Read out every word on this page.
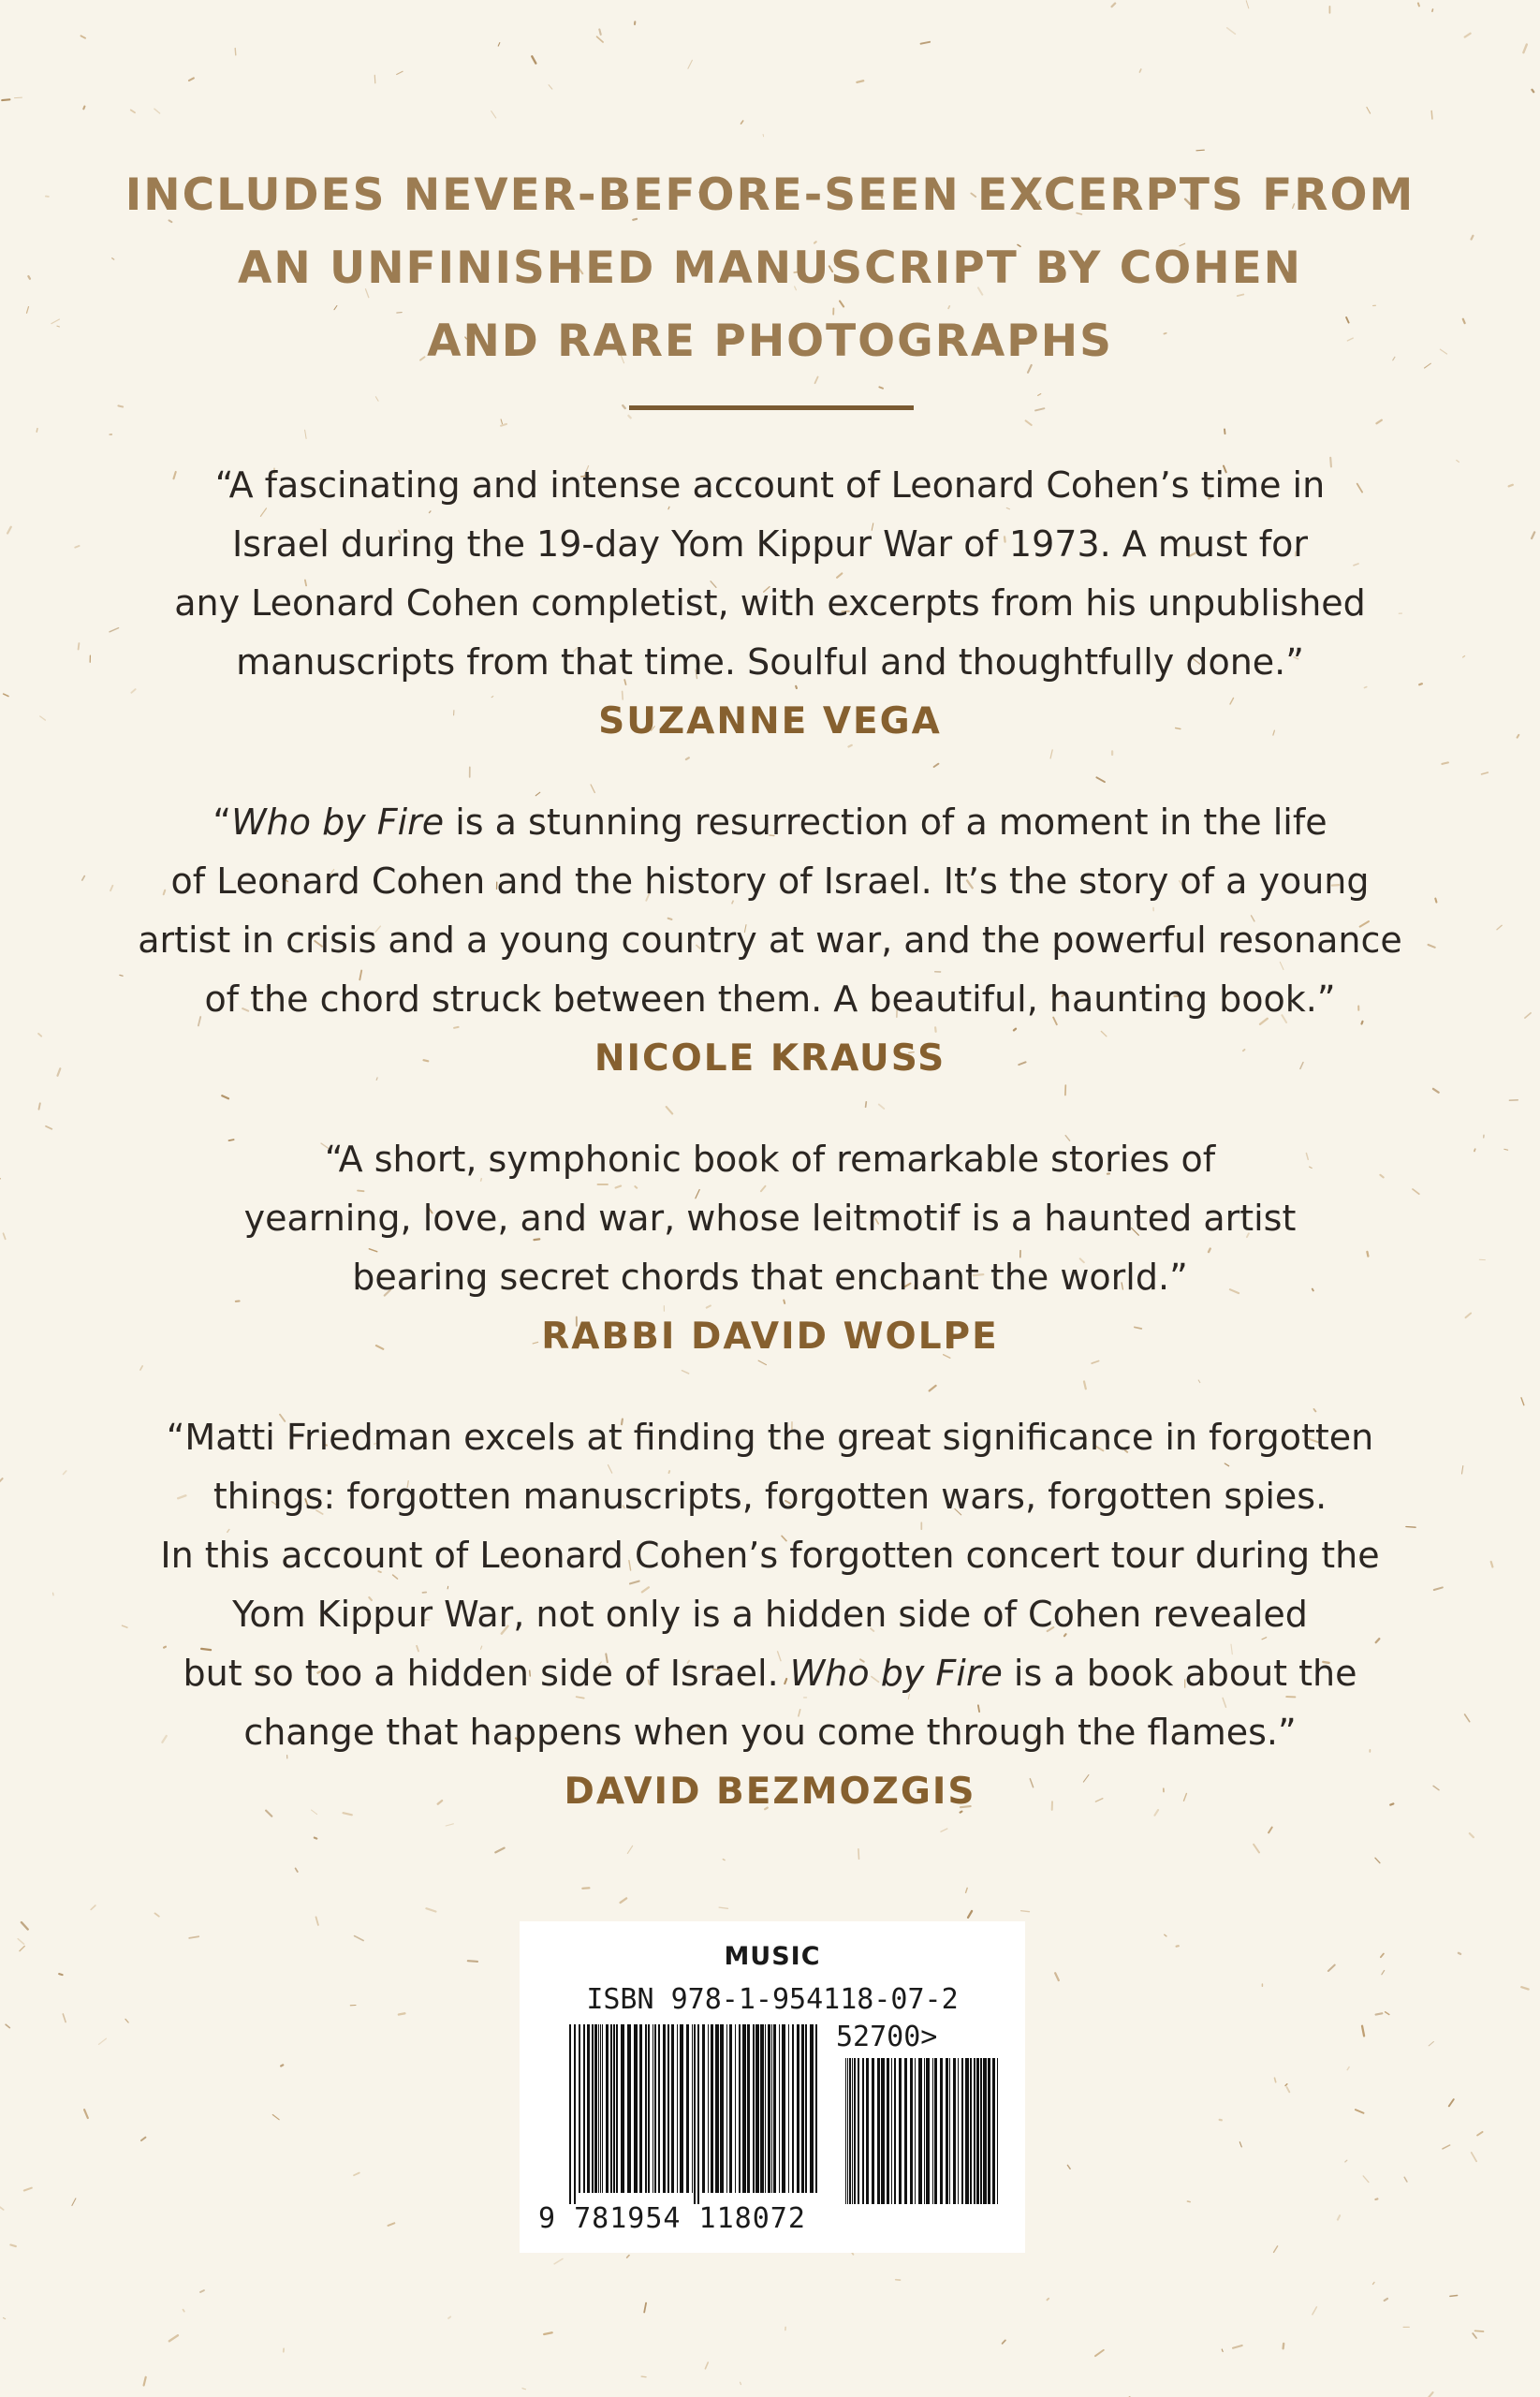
INCLUDES NEVER-BEFORE-SEEN EXCERPTS FROM
AN UNFINISHED MANUSCRIPT BY COHEN
AND RARE PHOTOGRAPHS
“A fascinating and intense account of Leonard Cohen’s time in
Israel during the 19-day Yom Kippur War of 1973. A must for
any Leonard Cohen completist, with excerpts from his unpublished
manuscripts from that time. Soulful and thoughtfully done.”
SUZANNE VEGA
“Who by Fire is a stunning resurrection of a moment in the life
of Leonard Cohen and the history of Israel. It’s the story of a young
artist in crisis and a young country at war, and the powerful resonance
of the chord struck between them. A beautiful, haunting book.”
NICOLE KRAUSS
“A short, symphonic book of remarkable stories of
yearning, love, and war, whose leitmotif is a haunted artist
bearing secret chords that enchant the world.”
RABBI DAVID WOLPE
“Matti Friedman excels at finding the great significance in forgotten
things: forgotten manuscripts, forgotten wars, forgotten spies.
In this account of Leonard Cohen’s forgotten concert tour during the
Yom Kippur War, not only is a hidden side of Cohen revealed
but so too a hidden side of Israel. Who by Fire is a book about the
change that happens when you come through the flames.”
DAVID BEZMOZGIS
MUSIC
ISBN 978-1-954118-07-2
52700>
9 781954 118072
